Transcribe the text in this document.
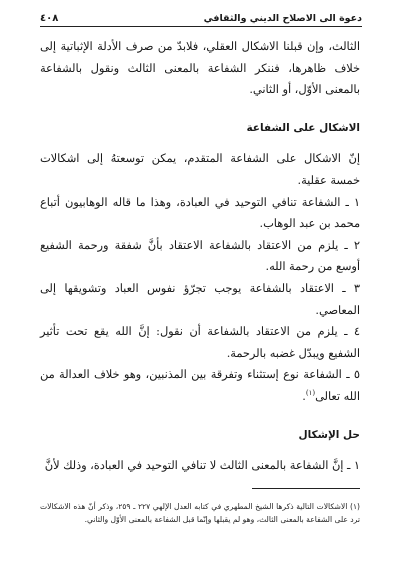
دعوة الى الاصلاح الديني والثقافي
٤٠٨

الثالث، وإن قبلنا الاشكال العقلي، فلابدّ من صرف الأدلة الإثباتية إلى خلاف ظاهرها، فننكر الشفاعة بالمعنى الثالث ونقول بالشفاعة بالمعنى الأوّل، أو الثاني.

الاشكال على الشفاعة

إنّ الاشكال على الشفاعة المتقدم، يمكن توسعتهُ إلى اشكالات خمسة عقلية.

١ ـ الشفاعة تنافي التوحيد في العبادة، وهذا ما قاله الوهابيون أتباع محمد بن عبد الوهاب.

٢ ـ يلزم من الاعتقاد بالشفاعة الاعتقاد بأنَّ شفقة ورحمة الشفيع أوسع من رحمة الله.

٣ ـ الاعتقاد بالشفاعة يوجب تجرّؤ نفوس العباد وتشويقها إلى المعاصي.

٤ ـ يلزم من الاعتقاد بالشفاعة أن نقول: إنَّ الله يقع تحت تأثير الشفيع ويبدّل غضبه بالرحمة.

٥ ـ الشفاعة نوع إستثناء وتفرقة بين المذنبين، وهو خلاف العدالة من الله تعالى$^{(١)}$.

حل الإشكال

١ ـ إنَّ الشفاعة بالمعنى الثالث لا تنافي التوحيد في العبادة، وذلك لأنَّ

(١) الاشكالات التالية ذكرها الشيخ المطهري في كتابه العدل الإلهي ٢٢٧ ـ ٢٥٩، وذكر أنّ هذه الاشكالات ترد على الشفاعة بالمعنى الثالث، وهو لم يقبلها وإنّما قبل الشفاعة بالمعنى الأوّل والثاني.
